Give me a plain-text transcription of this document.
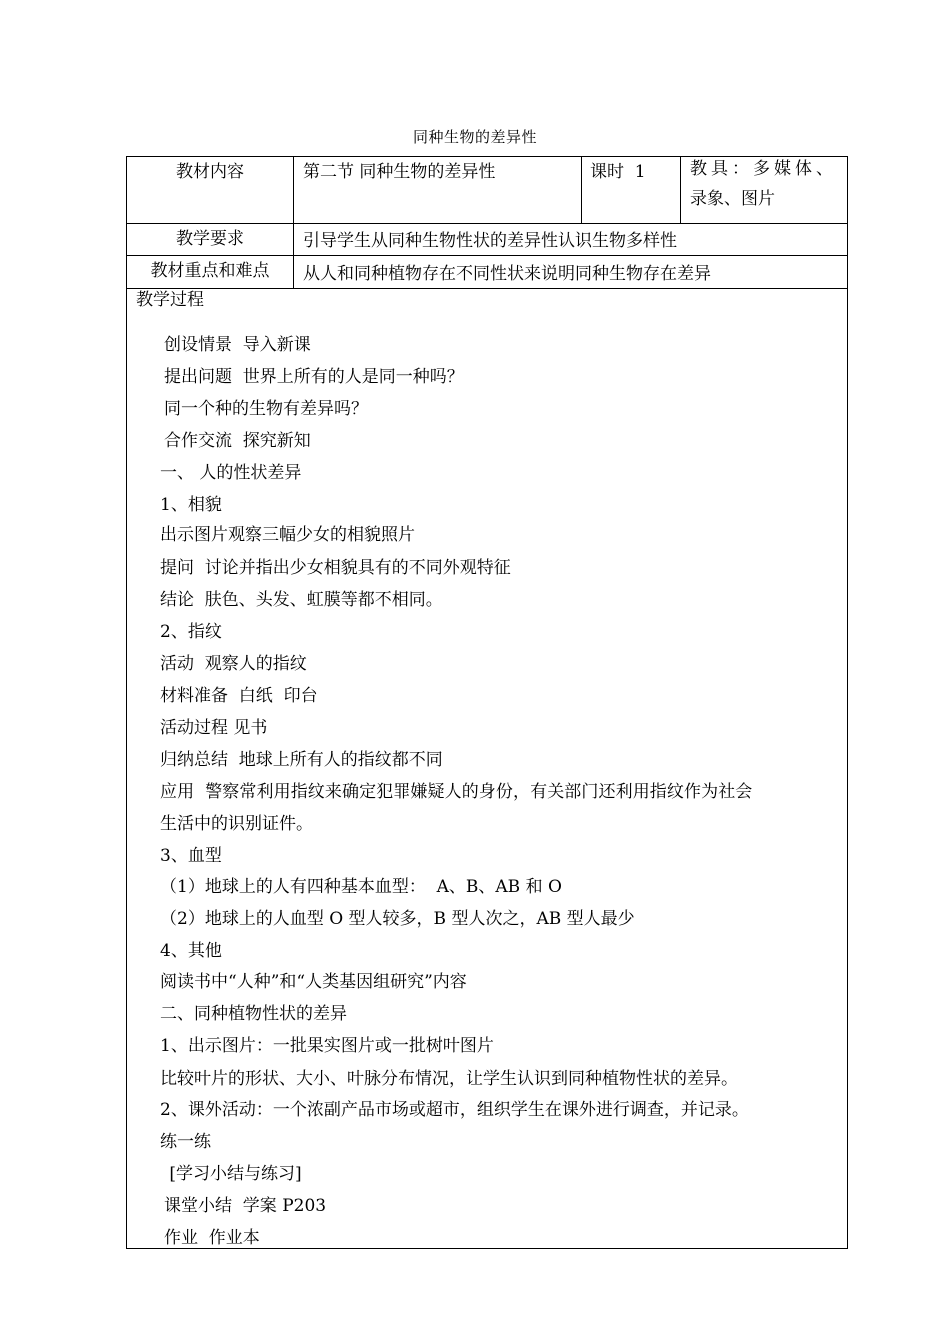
同种生物的差异性
教材内容	第二节 同种生物的差异性	课时  1	教具：多媒体、
录象、图片
教学要求	引导学生从同种生物性状的差异性认识生物多样性
教材重点和难点	从人和同种植物存在不同性状来说明同种生物存在差异
教学过程
创设情景  导入新课
提出问题  世界上所有的人是同一种吗？
同一个种的生物有差异吗？
合作交流  探究新知
一、 人的性状差异
1、相貌
出示图片观察三幅少女的相貌照片
提问  讨论并指出少女相貌具有的不同外观特征
结论  肤色、头发、虹膜等都不相同。
2、指纹
活动  观察人的指纹
材料准备  白纸  印台
活动过程 见书
归纳总结  地球上所有人的指纹都不同
应用  警察常利用指纹来确定犯罪嫌疑人的身份，有关部门还利用指纹作为社会
生活中的识别证件。
3、血型
（1）地球上的人有四种基本血型：  A、B、AB 和 O
（2）地球上的人血型 O 型人较多，B 型人次之，AB 型人最少
4、其他
阅读书中“人种”和“人类基因组研究”内容
二、同种植物性状的差异
1、出示图片：一批果实图片或一批树叶图片
比较叶片的形状、大小、叶脉分布情况，让学生认识到同种植物性状的差异。
2、课外活动：一个浓副产品市场或超市，组织学生在课外进行调查，并记录。
练一练
[学习小结与练习]
课堂小结  学案 P203
作业  作业本
